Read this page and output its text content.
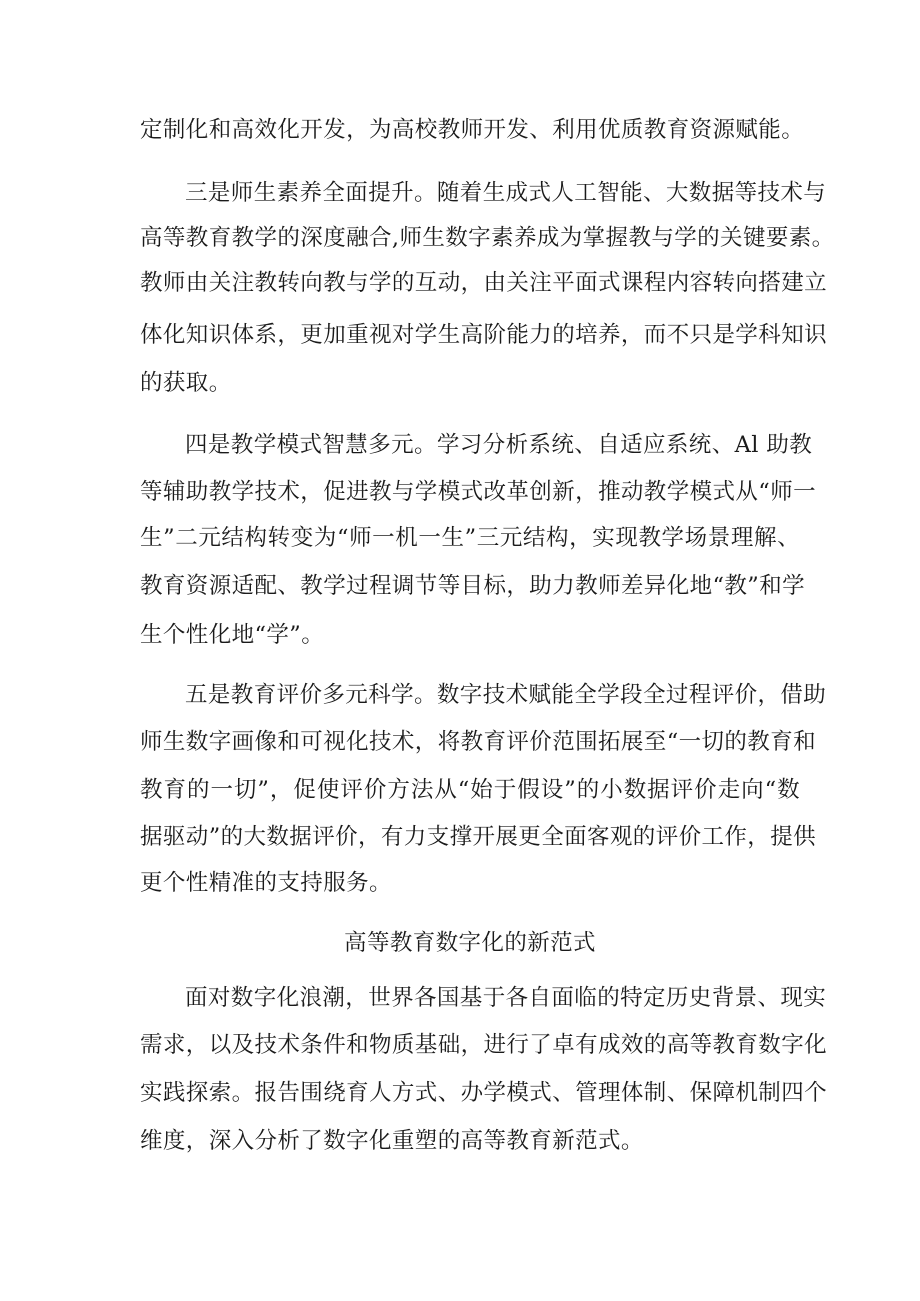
定制化和高效化开发，为高校教师开发、利用优质教育资源赋能。
三是师生素养全面提升。随着生成式人工智能、大数据等技术与
高等教育教学的深度融合,师生数字素养成为掌握教与学的关键要素。
教师由关注教转向教与学的互动，由关注平面式课程内容转向搭建立
体化知识体系，更加重视对学生高阶能力的培养，而不只是学科知识
的获取。
四是教学模式智慧多元。学习分析系统、自适应系统、Al 助教
等辅助教学技术，促进教与学模式改革创新，推动教学模式从“师一
生”二元结构转变为“师一机一生”三元结构，实现教学场景理解、
教育资源适配、教学过程调节等目标，助力教师差异化地“教”和学
生个性化地“学”。
五是教育评价多元科学。数字技术赋能全学段全过程评价，借助
师生数字画像和可视化技术，将教育评价范围拓展至“一切的教育和
教育的一切”，促使评价方法从“始于假设”的小数据评价走向“数
据驱动”的大数据评价，有力支撑开展更全面客观的评价工作，提供
更个性精准的支持服务。
高等教育数字化的新范式
面对数字化浪潮，世界各国基于各自面临的特定历史背景、现实
需求，以及技术条件和物质基础，进行了卓有成效的高等教育数字化
实践探索。报告围绕育人方式、办学模式、管理体制、保障机制四个
维度，深入分析了数字化重塑的高等教育新范式。
